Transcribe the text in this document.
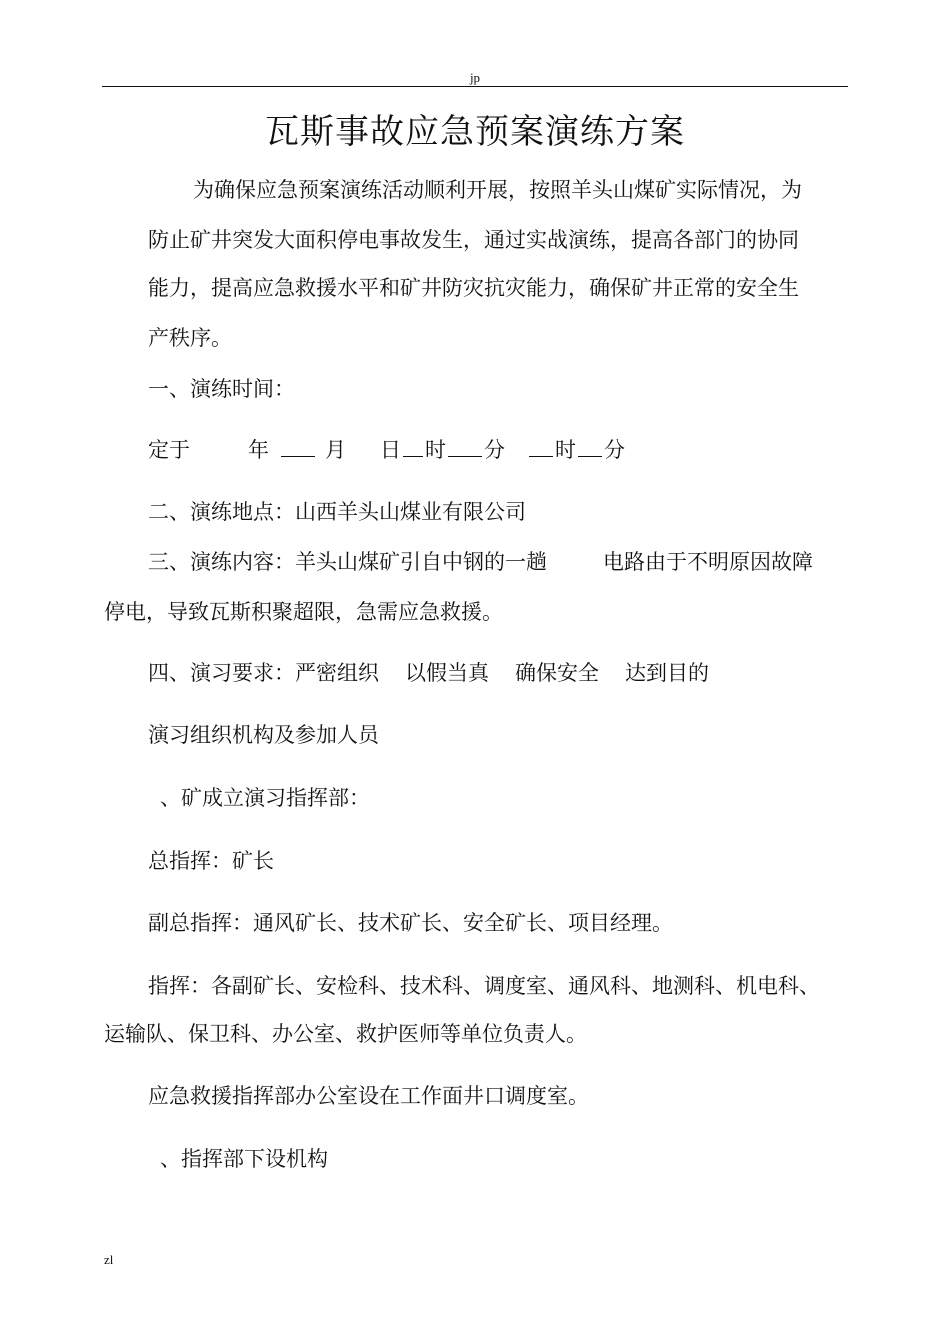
jp
瓦斯事故应急预案演练方案
为确保应急预案演练活动顺利开展，按照羊头山煤矿实际情况，为
防止矿井突发大面积停电事故发生，通过实战演练，提高各部门的协同
能力，提高应急救援水平和矿井防灾抗灾能力，确保矿井正常的安全生
产秩序。
一、演练时间：
定于	年	月 日 时 分 时 分
二、演练地点：山西羊头山煤业有限公司
三、演练内容：羊头山煤矿引自中钢的一趟	电路由于不明原因故障
停电，导致瓦斯积聚超限，急需应急救援。
四、演习要求：严密组织 以假当真 确保安全 达到目的
演习组织机构及参加人员
、矿成立演习指挥部：
总指挥：矿长
副总指挥：通风矿长、技术矿长、安全矿长、项目经理。
指挥：各副矿长、安检科、技术科、调度室、通风科、地测科、机电科、
运输队、保卫科、办公室、救护医师等单位负责人。
应急救援指挥部办公室设在工作面井口调度室。
、指挥部下设机构
zl
